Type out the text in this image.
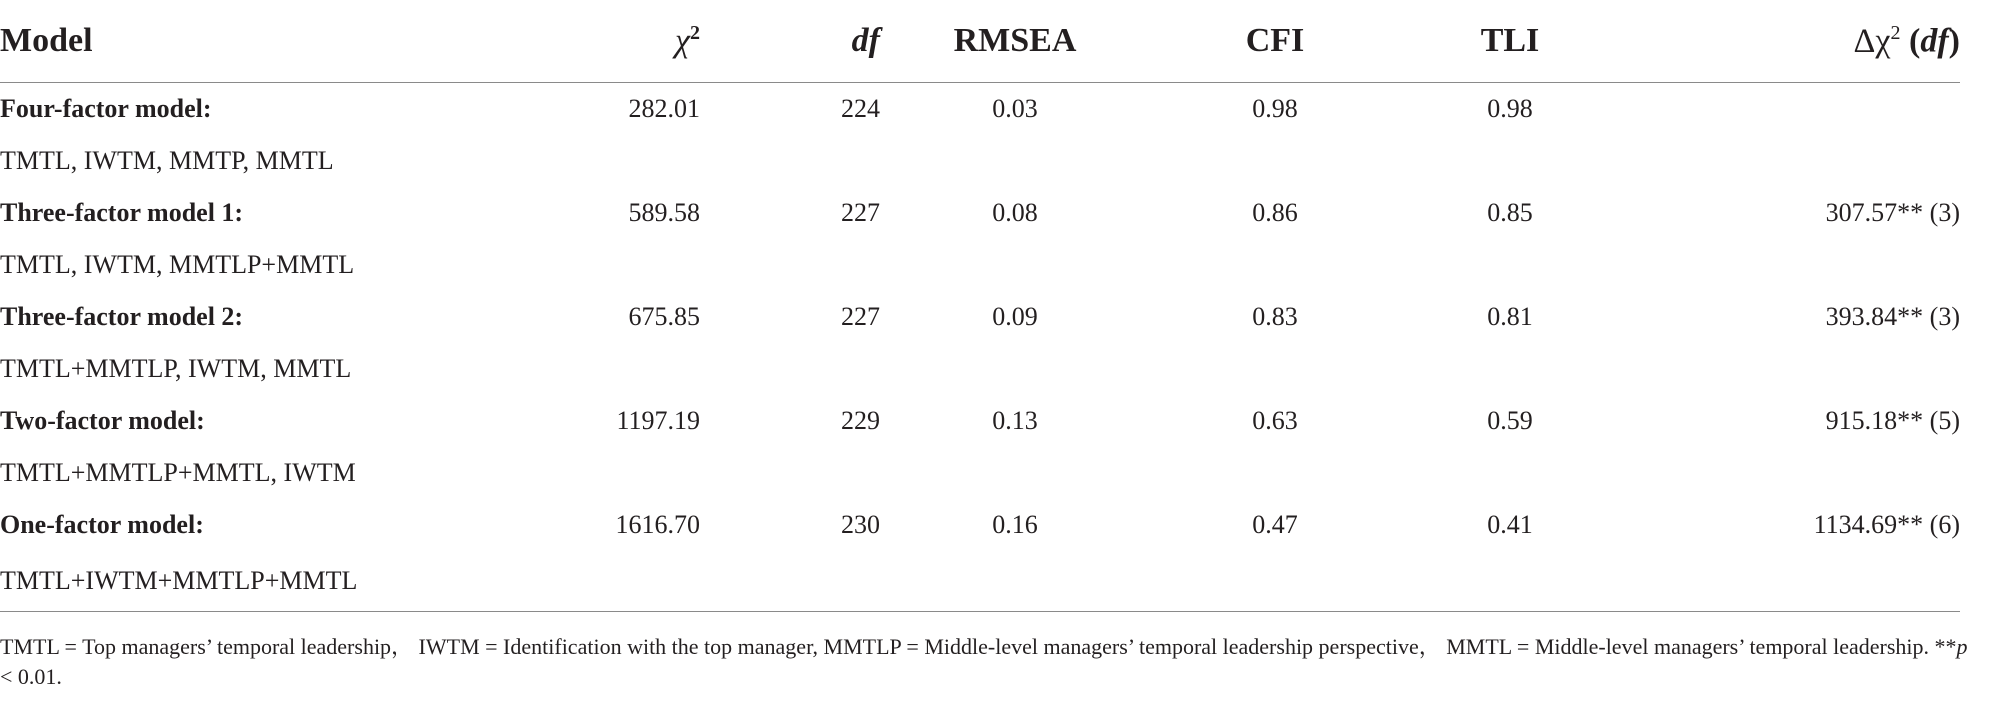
Model	$\chi^2$	df	RMSEA	CFI	TLI	$\Delta\chi^2$ (df)
Four-factor model:	282.01	224	0.03	0.98	0.98	
TMTL, IWTM, MMTP, MMTL						
Three-factor model 1:	589.58	227	0.08	0.86	0.85	307.57** (3)
TMTL, IWTM, MMTLP+MMTL						
Three-factor model 2:	675.85	227	0.09	0.83	0.81	393.84** (3)
TMTL+MMTLP, IWTM, MMTL						
Two-factor model:	1197.19	229	0.13	0.63	0.59	915.18** (5)
TMTL+MMTLP+MMTL, IWTM						
One-factor model:	1616.70	230	0.16	0.47	0.41	1134.69** (6)
TMTL+IWTM+MMTLP+MMTL						
TMTL = Top managers’ temporal leadership， IWTM = Identification with the top manager, MMTLP = Middle-level managers’ temporal leadership perspective， MMTL = Middle-level managers’ temporal leadership. **p < 0.01.
